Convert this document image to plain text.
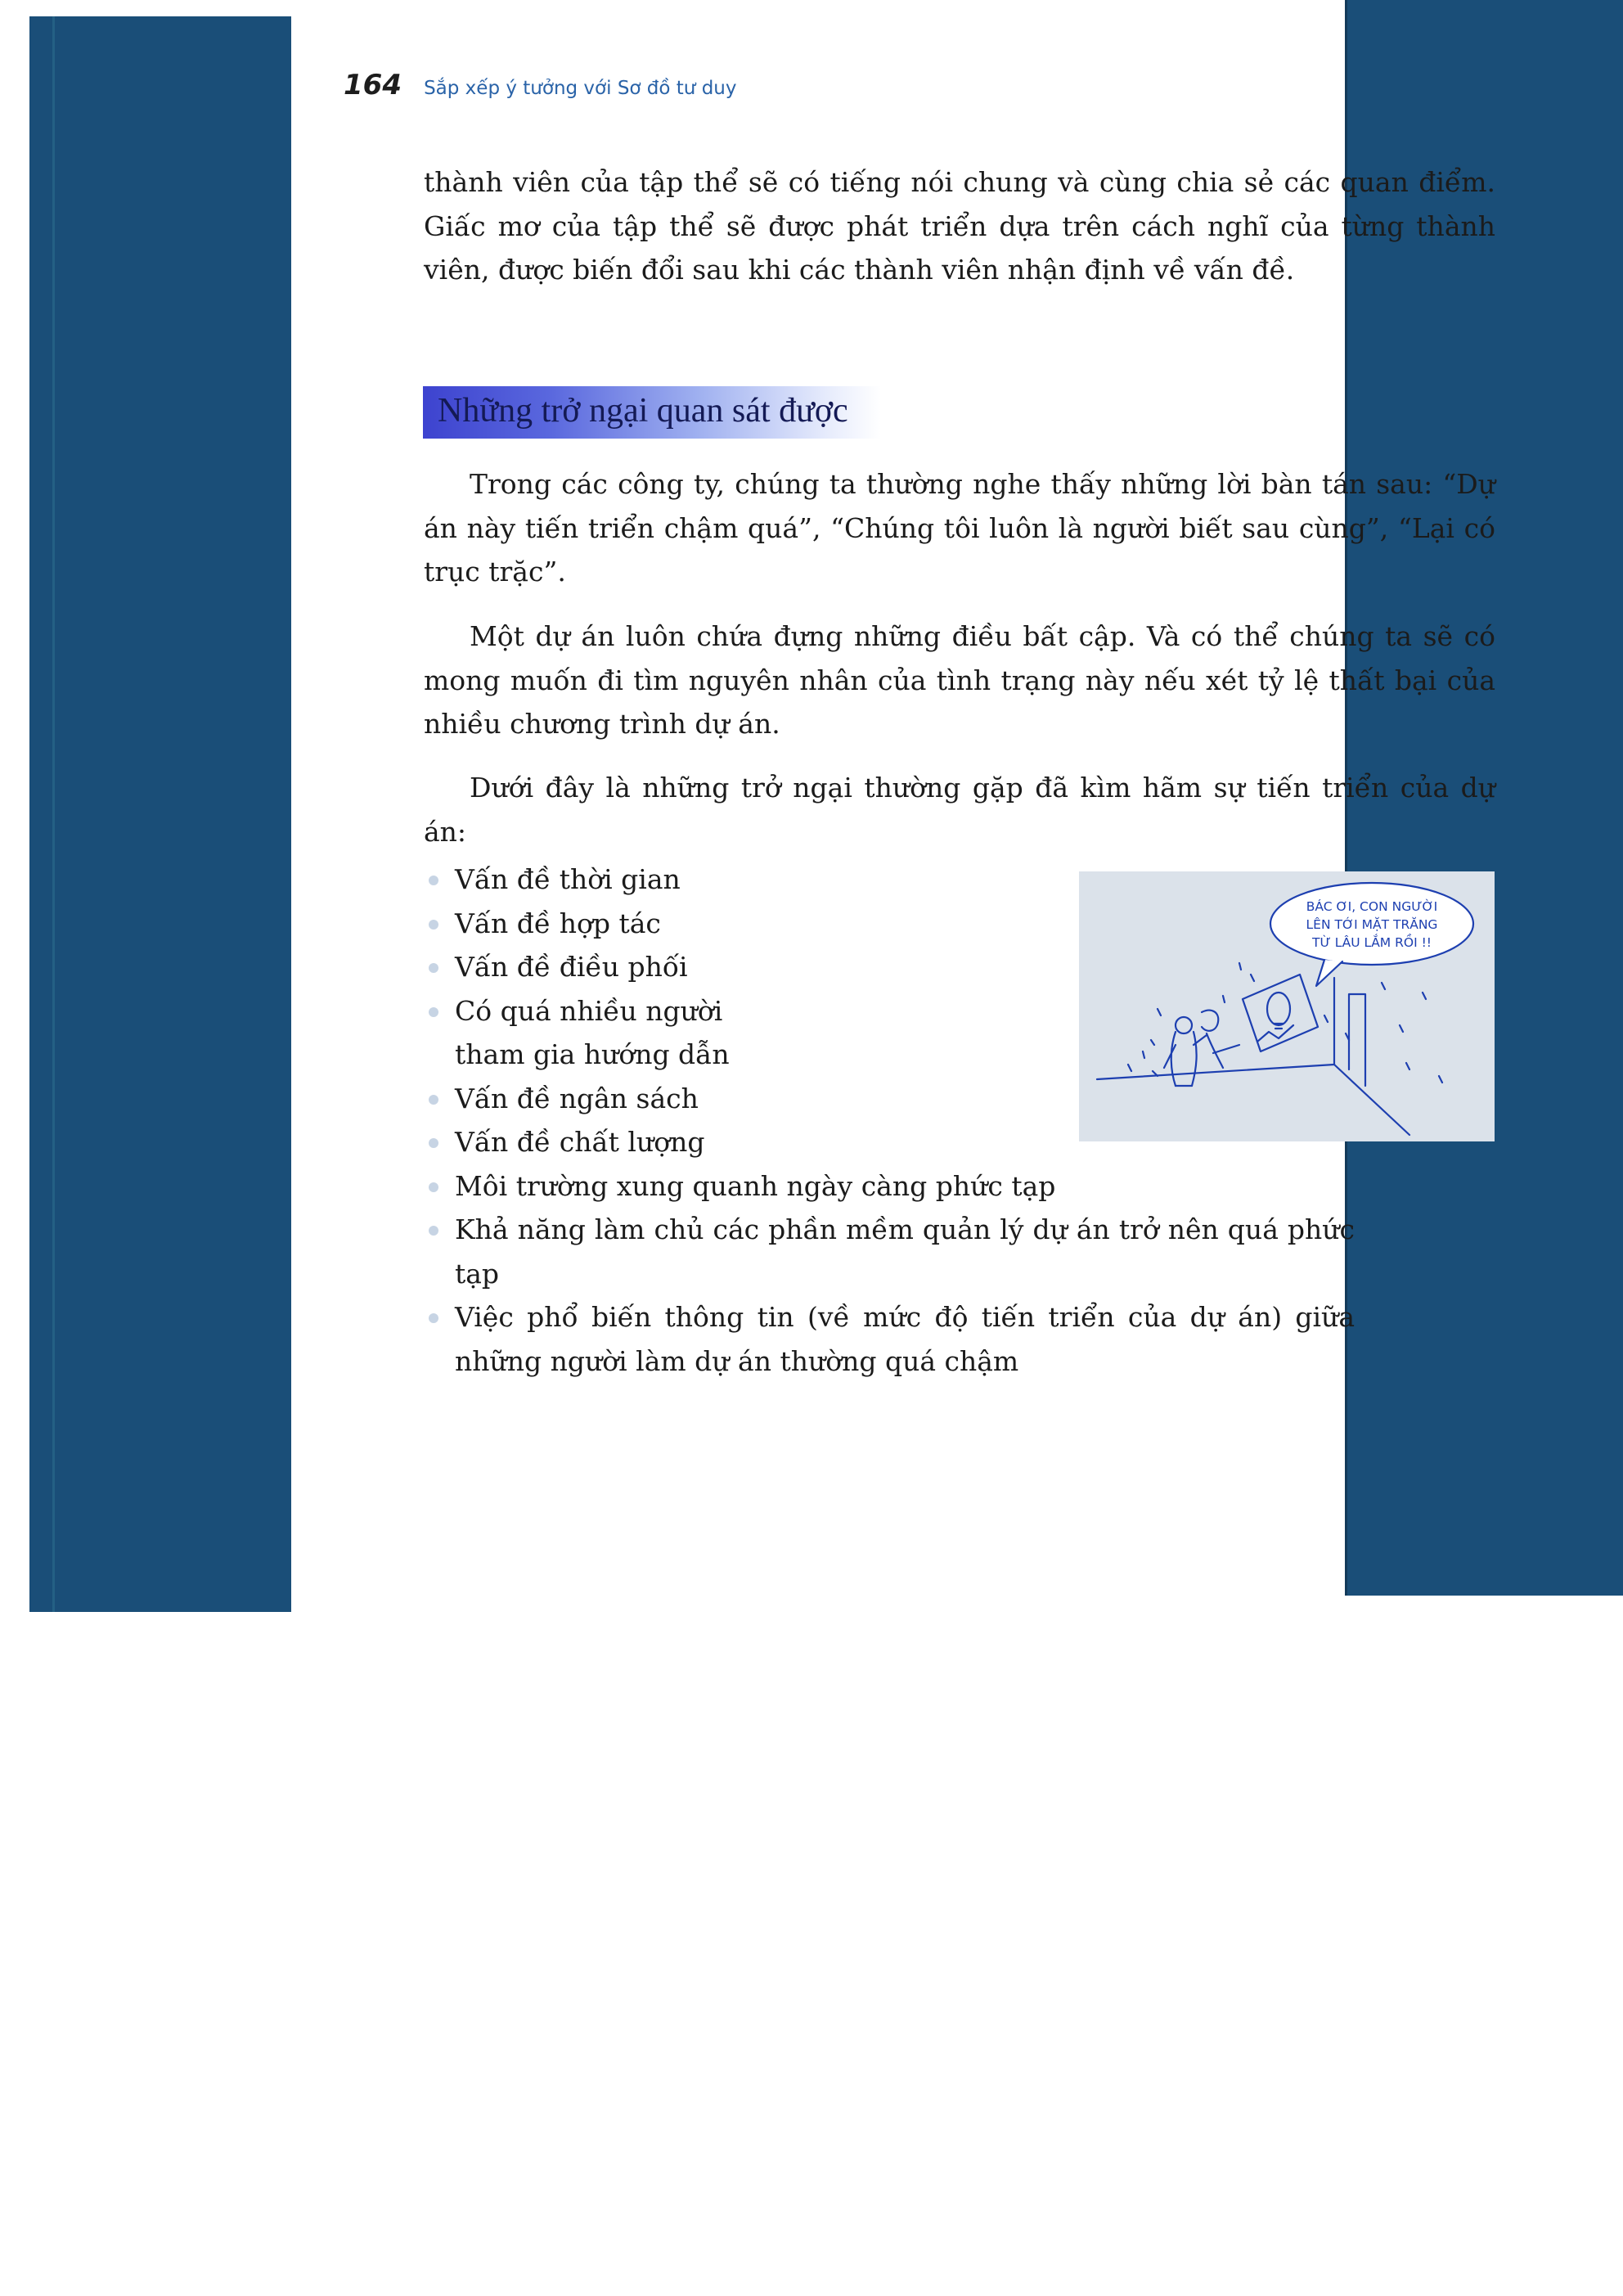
164 Sắp xếp ý tưởng với Sơ đồ tư duy

thành viên của tập thể sẽ có tiếng nói chung và cùng chia sẻ các quan điểm. Giấc mơ của tập thể sẽ được phát triển dựa trên cách nghĩ của từng thành viên, được biến đổi sau khi các thành viên nhận định về vấn đề.

Những trở ngại quan sát được

Trong các công ty, chúng ta thường nghe thấy những lời bàn tán sau: “Dự án này tiến triển chậm quá”, “Chúng tôi luôn là người biết sau cùng”, “Lại có trục trặc”.

Một dự án luôn chứa đựng những điều bất cập. Và có thể chúng ta sẽ có mong muốn đi tìm nguyên nhân của tình trạng này nếu xét tỷ lệ thất bại của nhiều chương trình dự án.

Dưới đây là những trở ngại thường gặp đã kìm hãm sự tiến triển của dự án:

Vấn đề thời gian
Vấn đề hợp tác
Vấn đề điều phối
Có quá nhiều người tham gia hướng dẫn
Vấn đề ngân sách
Vấn đề chất lượng
Môi trường xung quanh ngày càng phức tạp
Khả năng làm chủ các phần mềm quản lý dự án trở nên quá phức tạp
Việc phổ biến thông tin (về mức độ tiến triển của dự án) giữa những người làm dự án thường quá chậm
BÁC ƠI, CON NGƯỜI
LÊN TỚI MẶT TRĂNG
TỪ LÂU LẮM RỒI !!
